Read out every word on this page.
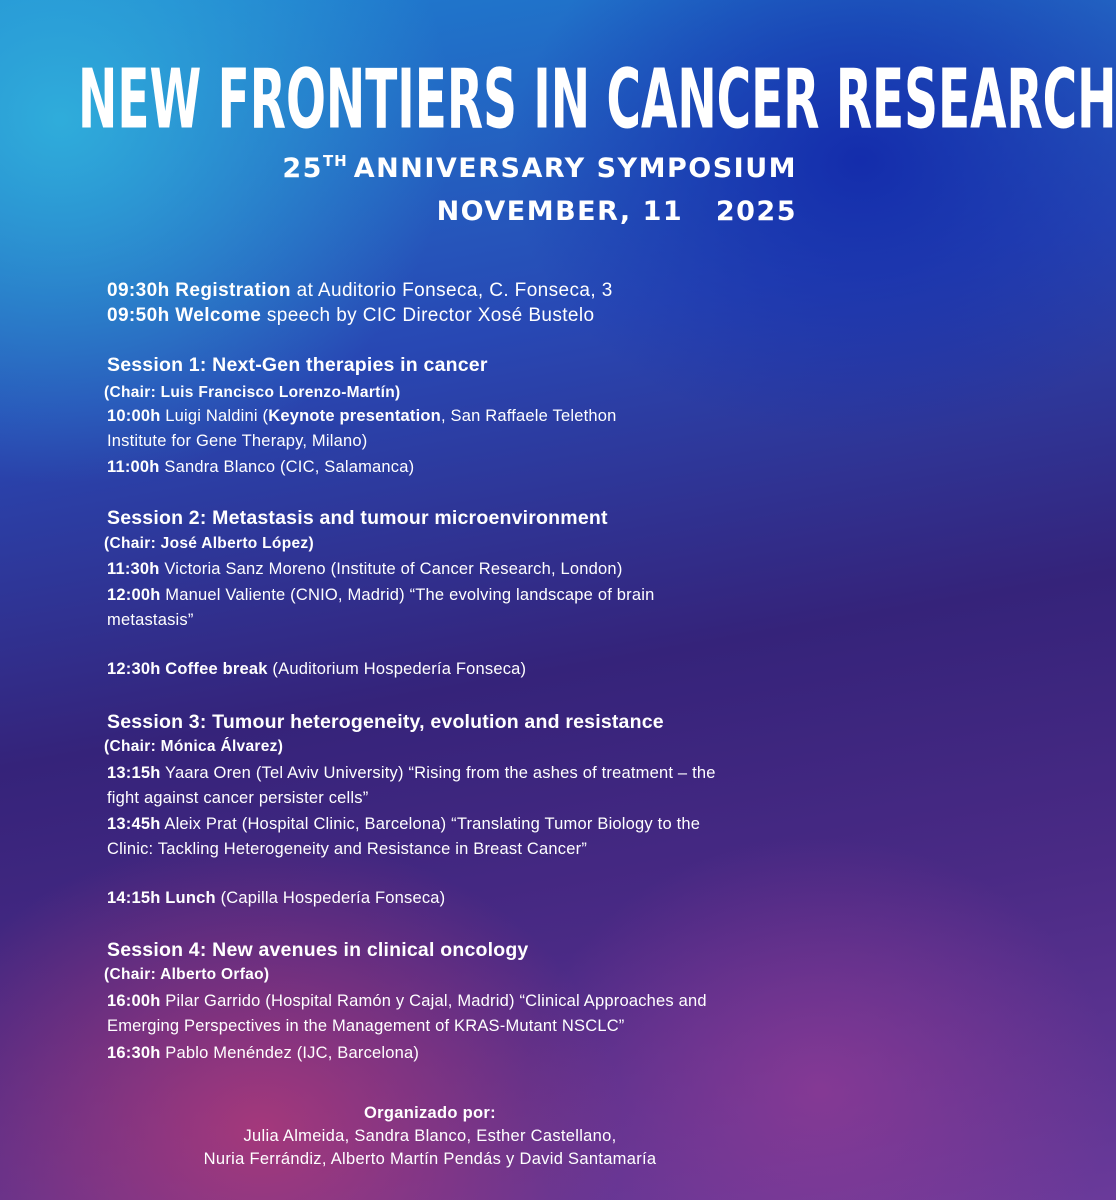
NEW FRONTIERS IN CANCER RESEARCH
25TH ANNIVERSARY SYMPOSIUM
NOVEMBER, 11   2025
09:30h Registration at Auditorio Fonseca, C. Fonseca, 3
09:50h Welcome speech by CIC Director Xosé Bustelo
Session 1: Next-Gen therapies in cancer
(Chair: Luis Francisco Lorenzo-Martín)
10:00h Luigi Naldini (Keynote presentation, San Raffaele Telethon Institute for Gene Therapy, Milano)
11:00h Sandra Blanco (CIC, Salamanca)
Session 2: Metastasis and tumour microenvironment
(Chair: José Alberto López)
11:30h Victoria Sanz Moreno (Institute of Cancer Research, London)
12:00h Manuel Valiente (CNIO, Madrid) “The evolving landscape of brain metastasis”
12:30h Coffee break (Auditorium Hospedería Fonseca)
Session 3: Tumour heterogeneity, evolution and resistance
(Chair: Mónica Álvarez)
13:15h Yaara Oren (Tel Aviv University) “Rising from the ashes of treatment – the fight against cancer persister cells”
13:45h Aleix Prat (Hospital Clinic, Barcelona) “Translating Tumor Biology to the Clinic: Tackling Heterogeneity and Resistance in Breast Cancer”
14:15h Lunch (Capilla Hospedería Fonseca)
Session 4: New avenues in clinical oncology
(Chair: Alberto Orfao)
16:00h Pilar Garrido (Hospital Ramón y Cajal, Madrid) “Clinical Approaches and Emerging Perspectives in the Management of KRAS-Mutant NSCLC”
16:30h Pablo Menéndez (IJC, Barcelona)
Organizado por:
Julia Almeida, Sandra Blanco, Esther Castellano,
Nuria Ferrándiz, Alberto Martín Pendás y David Santamaría
